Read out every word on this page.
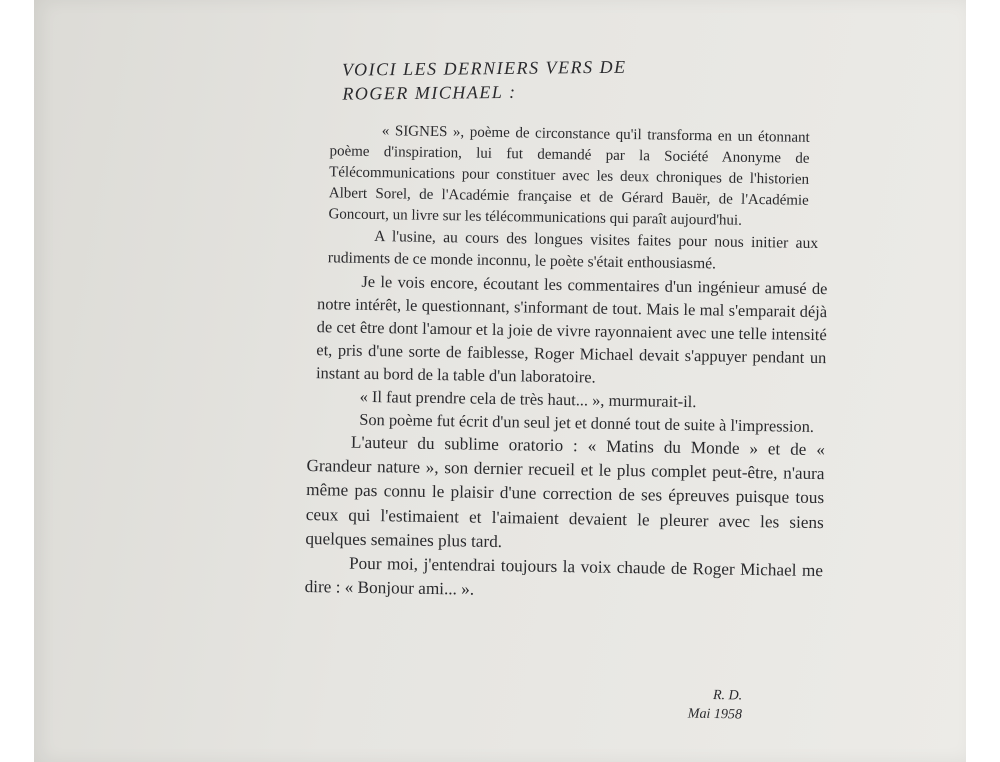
VOICI LES DERNIERS VERS DE
ROGER MICHAEL :

« SIGNES », poème de circonstance qu'il transforma en un étonnant poème d'inspiration, lui fut demandé par la Société Anonyme de Télécommunications pour constituer avec les deux chroniques de l'historien Albert Sorel, de l'Académie française et de Gérard Bauër, de l'Académie Goncourt, un livre sur les télécommunications qui paraît aujourd'hui.

A l'usine, au cours des longues visites faites pour nous initier aux rudiments de ce monde inconnu, le poète s'était enthousiasmé.

Je le vois encore, écoutant les commentaires d'un ingénieur amusé de notre intérêt, le questionnant, s'informant de tout. Mais le mal s'emparait déjà de cet être dont l'amour et la joie de vivre rayonnaient avec une telle intensité et, pris d'une sorte de faiblesse, Roger Michael devait s'appuyer pendant un instant au bord de la table d'un laboratoire.

« Il faut prendre cela de très haut... », murmurait-il.

Son poème fut écrit d'un seul jet et donné tout de suite à l'impression.

L'auteur du sublime oratorio : « Matins du Monde » et de « Grandeur nature », son dernier recueil et le plus complet peut-être, n'aura même pas connu le plaisir d'une correction de ses épreuves puisque tous ceux qui l'estimaient et l'aimaient devaient le pleurer avec les siens quelques semaines plus tard.

Pour moi, j'entendrai toujours la voix chaude de Roger Michael me dire : « Bonjour ami... ».

R. D.
Mai 1958
